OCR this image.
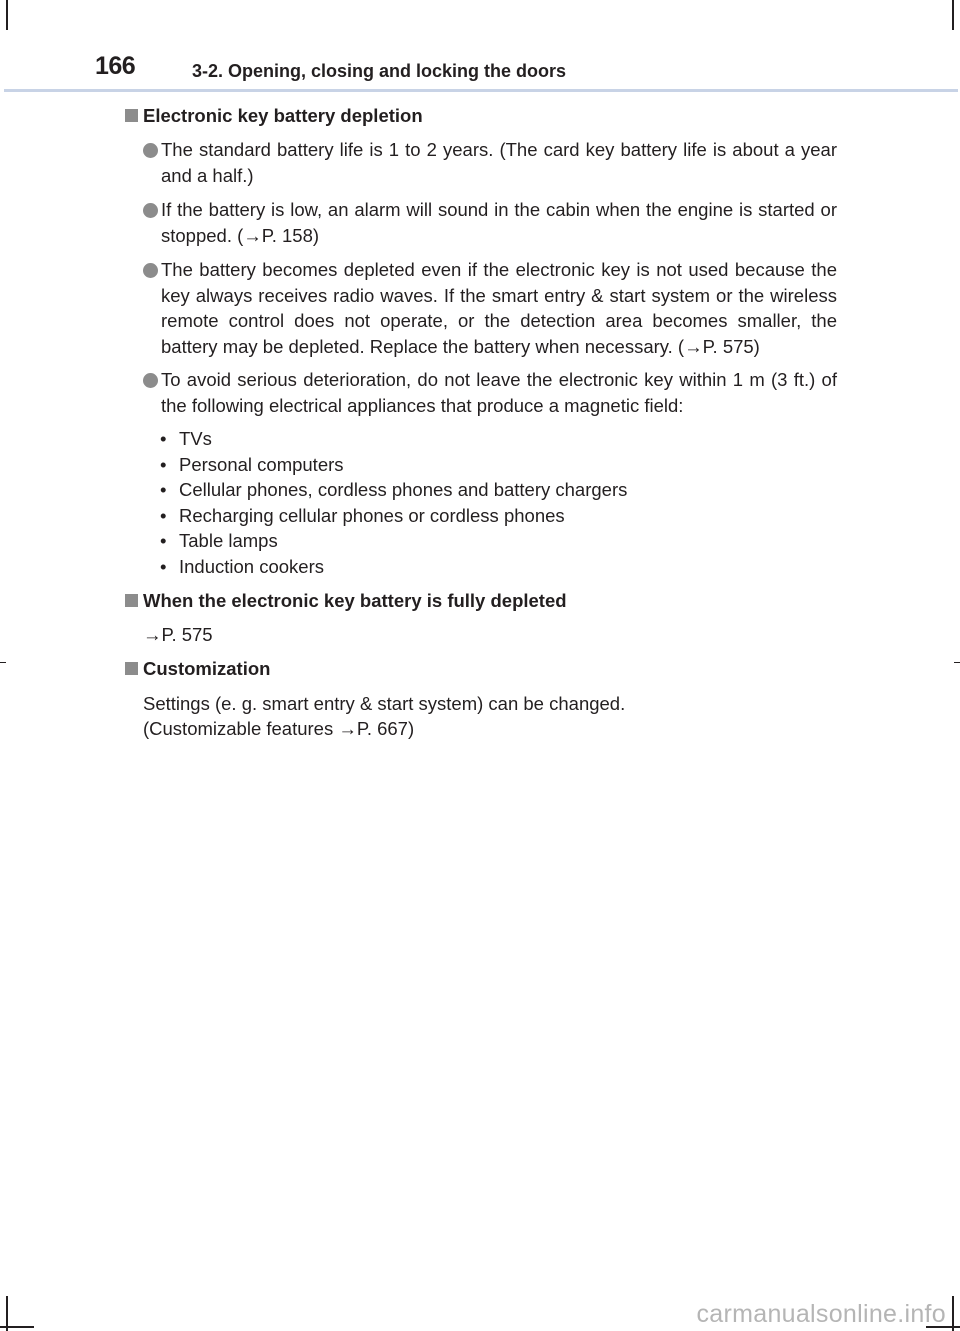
166	3-2. Opening, closing and locking the doors
Electronic key battery depletion
The standard battery life is 1 to 2 years. (The card key battery life is about a year and a half.)
If the battery is low, an alarm will sound in the cabin when the engine is started or stopped. (→P. 158)
The battery becomes depleted even if the electronic key is not used because the key always receives radio waves. If the smart entry & start system or the wireless remote control does not operate, or the detection area becomes smaller, the battery may be depleted. Replace the battery when necessary. (→P. 575)
To avoid serious deterioration, do not leave the electronic key within 1 m (3 ft.) of the following electrical appliances that produce a magnetic field:
• TVs
• Personal computers
• Cellular phones, cordless phones and battery chargers
• Recharging cellular phones or cordless phones
• Table lamps
• Induction cookers
When the electronic key battery is fully depleted
→P. 575
Customization
Settings (e. g. smart entry & start system) can be changed.
(Customizable features →P. 667)
carmanualsonline.info
